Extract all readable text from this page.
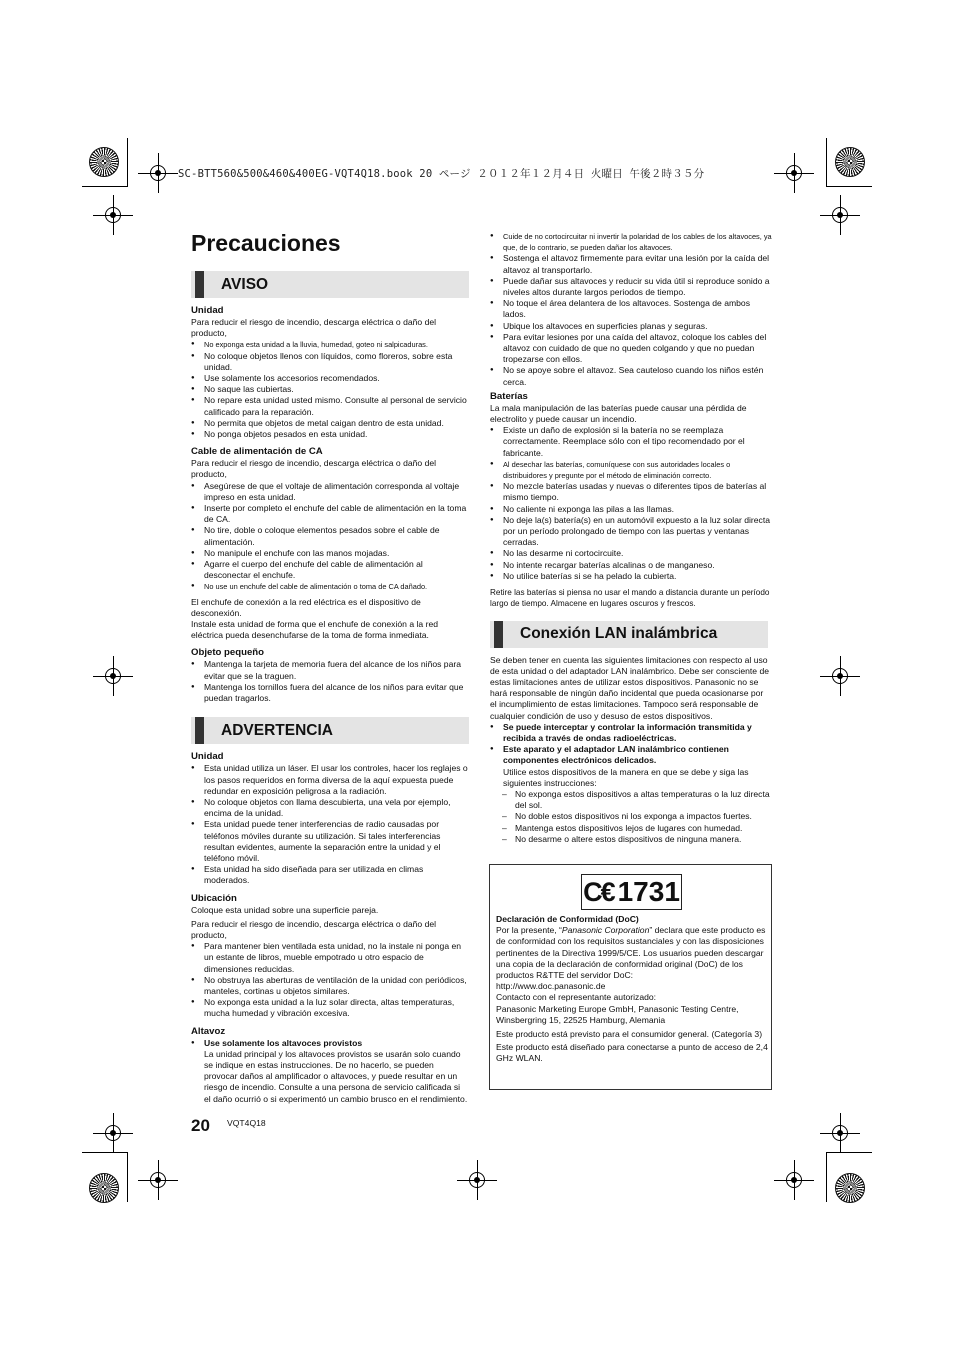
SC-BTT560&500&460&400EG-VQT4Q18.book 20 ページ ２０１２年１２月４日 火曜日 午後２時３５分
Precauciones
AVISO

Unidad

Para reducir el riesgo de incendio, descarga eléctrica o daño del producto,

● No exponga esta unidad a la lluvia, humedad, goteo ni salpicaduras.
● No coloque objetos llenos con líquidos, como floreros, sobre esta unidad.
● Use solamente los accesorios recomendados.
● No saque las cubiertas.
● No repare esta unidad usted mismo. Consulte al personal de servicio calificado para la reparación.
● No permita que objetos de metal caigan dentro de esta unidad.
● No ponga objetos pesados en esta unidad.

Cable de alimentación de CA

Para reducir el riesgo de incendio, descarga eléctrica o daño del producto,

● Asegúrese de que el voltaje de alimentación corresponda al voltaje impreso en esta unidad.
● Inserte por completo el enchufe del cable de alimentación en la toma de CA.
● No tire, doble o coloque elementos pesados sobre el cable de alimentación.
● No manipule el enchufe con las manos mojadas.
● Agarre el cuerpo del enchufe del cable de alimentación al desconectar el enchufe.
● No use un enchufe del cable de alimentación o toma de CA dañado.

El enchufe de conexión a la red eléctrica es el dispositivo de desconexión.

Instale esta unidad de forma que el enchufe de conexión a la red eléctrica pueda desenchufarse de la toma de forma inmediata.

Objeto pequeño

● Mantenga la tarjeta de memoria fuera del alcance de los niños para evitar que se la traguen.
● Mantenga los tornillos fuera del alcance de los niños para evitar que puedan tragarlos.
ADVERTENCIA

Unidad

● Esta unidad utiliza un láser. El usar los controles, hacer los reglajes o los pasos requeridos en forma diversa de la aquí expuesta puede redundar en exposición peligrosa a la radiación.
● No coloque objetos con llama descubierta, una vela por ejemplo, encima de la unidad.
● Esta unidad puede tener interferencias de radio causadas por teléfonos móviles durante su utilización. Si tales interferencias resultan evidentes, aumente la separación entre la unidad y el teléfono móvil.
● Esta unidad ha sido diseñada para ser utilizada en climas moderados.

Ubicación

Coloque esta unidad sobre una superficie pareja.

Para reducir el riesgo de incendio, descarga eléctrica o daño del producto,

● Para mantener bien ventilada esta unidad, no la instale ni ponga en un estante de libros, mueble empotrado u otro espacio de dimensiones reducidas.
● No obstruya las aberturas de ventilación de la unidad con periódicos, manteles, cortinas u objetos similares.
● No exponga esta unidad a la luz solar directa, altas temperaturas, mucha humedad y vibración excesiva.

Altavoz

● Use solamente los altavoces provistos

La unidad principal y los altavoces provistos se usarán solo cuando se indique en estas instrucciones. De no hacerlo, se pueden provocar daños al amplificador o altavoces, y puede resultar en un riesgo de incendio. Consulte a una persona de servicio calificada si el daño ocurrió o si experimentó un cambio brusco en el rendimiento.

● Cuide de no cortocircuitar ni invertir la polaridad de los cables de los altavoces, ya que, de lo contrario, se pueden dañar los altavoces.
● Sostenga el altavoz firmemente para evitar una lesión por la caída del altavoz al transportarlo.
● Puede dañar sus altavoces y reducir su vida útil si reproduce sonido a niveles altos durante largos periodos de tiempo.
● No toque el área delantera de los altavoces. Sostenga de ambos lados.
● Ubique los altavoces en superficies planas y seguras.
● Para evitar lesiones por una caída del altavoz, coloque los cables del altavoz con cuidado de que no queden colgando y que no puedan tropezarse con ellos.
● No se apoye sobre el altavoz. Sea cauteloso cuando los niños estén cerca.

Baterías

La mala manipulación de las baterías puede causar una pérdida de electrolito y puede causar un incendio.

● Existe un daño de explosión si la batería no se reemplaza correctamente. Reemplace sólo con el tipo recomendado por el fabricante.
● Al desechar las baterías, comuníquese con sus autoridades locales o distribuidores y pregunte por el método de eliminación correcto.
● No mezcle baterías usadas y nuevas o diferentes tipos de baterías al mismo tiempo.
● No caliente ni exponga las pilas a las llamas.
● No deje la(s) batería(s) en un automóvil expuesto a la luz solar directa por un período prolongado de tiempo con las puertas y ventanas cerradas.
● No las desarme ni cortocircuite.
● No intente recargar baterías alcalinas o de manganeso.
● No utilice baterías si se ha pelado la cubierta.

Retire las baterías si piensa no usar el mando a distancia durante un período largo de tiempo. Almacene en lugares oscuros y frescos.

Conexión LAN inalámbrica

Se deben tener en cuenta las siguientes limitaciones con respecto al uso de esta unidad o del adaptador LAN inalámbrico. Debe ser consciente de estas limitaciones antes de utilizar estos dispositivos. Panasonic no se hará responsable de ningún daño incidental que pueda ocasionarse por el incumplimiento de estas limitaciones. Tampoco será responsable de cualquier condición de uso y desuso de estos dispositivos.

● Se puede interceptar y controlar la información transmitida y recibida a través de ondas radioeléctricas.
● Este aparato y el adaptador LAN inalámbrico contienen componentes electrónicos delicados.

Utilice estos dispositivos de la manera en que se debe y siga las siguientes instrucciones:

– No exponga estos dispositivos a altas temperaturas o la luz directa del sol.
– No doble estos dispositivos ni los exponga a impactos fuertes.
– Mantenga estos dispositivos lejos de lugares con humedad.
– No desarme o altere estos dispositivos de ninguna manera.
C€ 1731

Declaración de Conformidad (DoC)

Por la presente, “Panasonic Corporation” declara que este producto es de conformidad con los requisitos sustanciales y con las disposiciones pertinentes de la Directiva 1999/5/CE. Los usuarios pueden descargar una copia de la declaración de conformidad original (DoC) de los productos R&TTE del servidor DoC:

http://www.doc.panasonic.de

Contacto con el representante autorizado:

Panasonic Marketing Europe GmbH, Panasonic Testing Centre, Winsbergring 15, 22525 Hamburg, Alemania

Este producto está previsto para el consumidor general. (Categoría 3)

Este producto está diseñado para conectarse a punto de acceso de 2,4 GHz WLAN.

20 VQT4Q18
